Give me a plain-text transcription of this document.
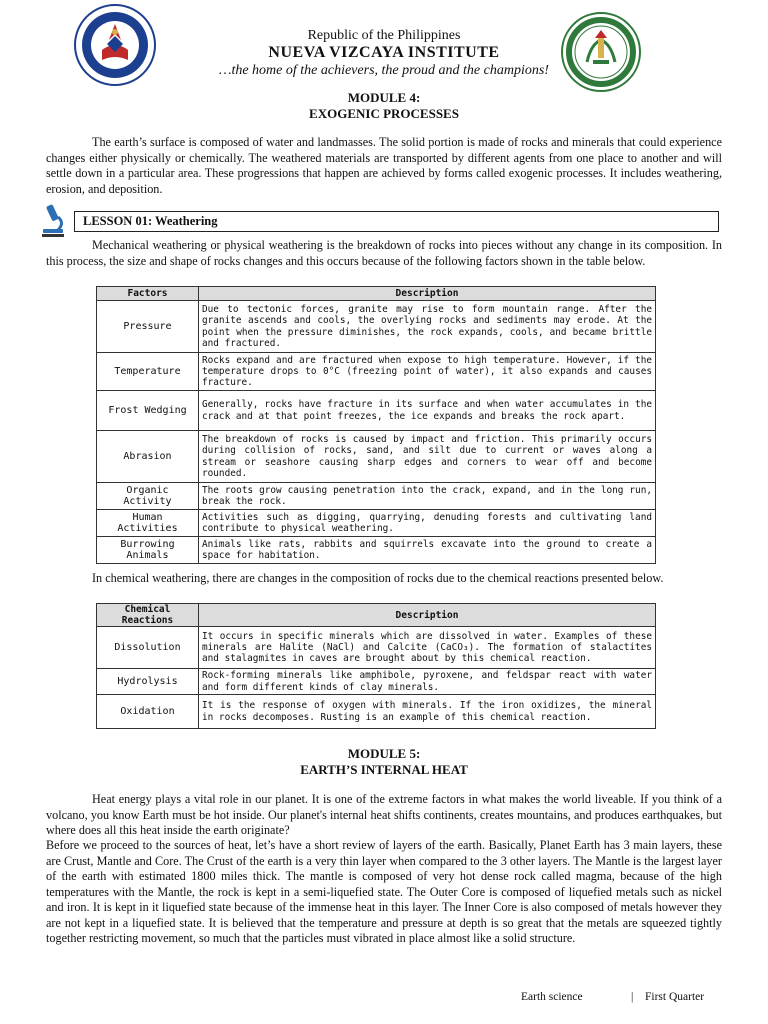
Republic of the Philippines
NUEVA VIZCAYA INSTITUTE
…the home of the achievers, the proud and the champions!
MODULE 4:
EXOGENIC PROCESSES

The earth’s surface is composed of water and landmasses. The solid portion is made of rocks and minerals that could experience changes either physically or chemically. The weathered materials are transported by different agents from one place to another and will settle down in a particular area. These progressions that happen are achieved by forms called exogenic processes. It includes weathering, erosion, and deposition.

LESSON 01: Weathering

Mechanical weathering or physical weathering is the breakdown of rocks into pieces without any change in its composition. In this process, the size and shape of rocks changes and this occurs because of the following factors shown in the table below.

Factors	Description
Pressure	Due to tectonic forces, granite may rise to form mountain range. After the granite ascends and cools, the overlying rocks and sediments may erode. At the point when the pressure diminishes, the rock expands, cools, and became brittle and fractured.
Temperature	Rocks expand and are fractured when expose to high temperature. However, if the temperature drops to 0°C (freezing point of water), it also expands and causes fracture.
Frost Wedging	Generally, rocks have fracture in its surface and when water accumulates in the crack and at that point freezes, the ice expands and breaks the rock apart.
Abrasion	The breakdown of rocks is caused by impact and friction. This primarily occurs during collision of rocks, sand, and silt due to current or waves along a stream or seashore causing sharp edges and corners to wear off and become rounded.
Organic Activity	The roots grow causing penetration into the crack, expand, and in the long run, break the rock.
Human Activities	Activities such as digging, quarrying, denuding forests and cultivating land contribute to physical weathering.
Burrowing Animals	Animals like rats, rabbits and squirrels excavate into the ground to create a space for habitation.

In chemical weathering, there are changes in the composition of rocks due to the chemical reactions presented below.

Chemical Reactions	Description
Dissolution	It occurs in specific minerals which are dissolved in water. Examples of these minerals are Halite (NaCl) and Calcite (CaCO₃). The formation of stalactites and stalagmites in caves are brought about by this chemical reaction.
Hydrolysis	Rock-forming minerals like amphibole, pyroxene, and feldspar react with water and form different kinds of clay minerals.
Oxidation	It is the response of oxygen with minerals. If the iron oxidizes, the mineral in rocks decomposes. Rusting is an example of this chemical reaction.
MODULE 5:
EARTH’S INTERNAL HEAT

Heat energy plays a vital role in our planet. It is one of the extreme factors in what makes the world liveable. If you think of a volcano, you know Earth must be hot inside. Our planet's internal heat shifts continents, creates mountains, and produces earthquakes, but where does all this heat inside the earth originate?

Before we proceed to the sources of heat, let’s have a short review of layers of the earth. Basically, Planet Earth has 3 main layers, these are Crust, Mantle and Core. The Crust of the earth is a very thin layer when compared to the 3 other layers. The Mantle is the largest layer of the earth with estimated 1800 miles thick. The mantle is composed of very hot dense rock called magma, because of the high temperatures with the Mantle, the rock is kept in a semi-liquefied state. The Outer Core is composed of liquefied metals such as nickel and iron. It is kept in it liquefied state because of the immense heat in this layer. The Inner Core is also composed of metals however they are not kept in a liquefied state. It is believed that the temperature and pressure at depth is so great that the metals are squeezed tightly together restricting movement, so much that the particles must vibrated in place almost like a solid structure.

Earth science	| First Quarter
